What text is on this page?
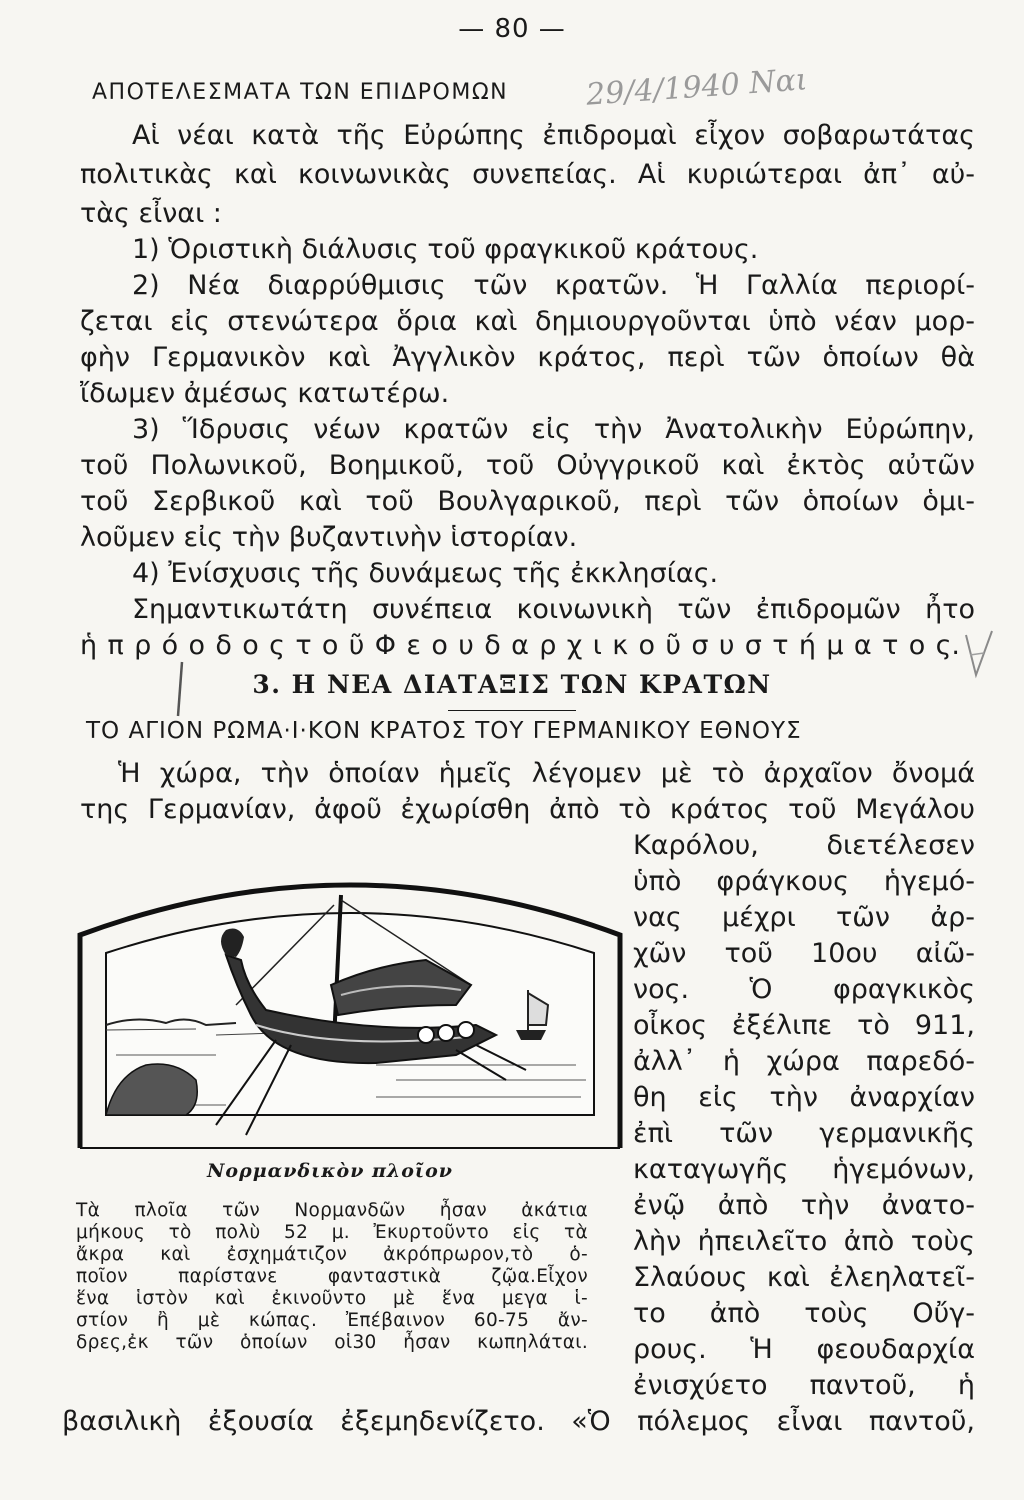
— 80 —
ΑΠΟΤΕΛΕΣΜΑΤΑ ΤΩΝ ΕΠΙΔΡΟΜΩΝ	29/4/1940 Ναι
Αἱ νέαι κατὰ τῆς Εὐρώπης ἐπιδρομαὶ εἶχον σοβαρωτάτας
πολιτικὰς καὶ κοινωνικὰς συνεπείας. Αἱ κυριώτεραι ἀπ᾽ αὐ-
τὰς εἶναι :
1) Ὁριστικὴ διάλυσις τοῦ φραγκικοῦ κράτους.
2) Νέα διαρρύθμισις τῶν κρατῶν. Ἡ Γαλλία περιορί-
ζεται εἰς στενώτερα ὅρια καὶ δημιουργοῦνται ὑπὸ νέαν μορ-
φὴν Γερμανικὸν καὶ Ἀγγλικὸν κράτος, περὶ τῶν ὁποίων θὰ
ἴδωμεν ἀμέσως κατωτέρω.
3) Ἵδρυσις νέων κρατῶν εἰς τὴν Ἀνατολικὴν Εὐρώπην,
τοῦ Πολωνικοῦ, Βοημικοῦ, τοῦ Οὐγγρικοῦ καὶ ἐκτὸς αὐτῶν
τοῦ Σερβικοῦ καὶ τοῦ Βουλγαρικοῦ, περὶ τῶν ὁποίων ὁμι-
λοῦμεν εἰς τὴν βυζαντινὴν ἱστορίαν.
4) Ἐνίσχυσις τῆς δυνάμεως τῆς ἐκκλησίας.
Σημαντικωτάτη συνέπεια κοινωνικὴ τῶν ἐπιδρομῶν ἦτο
ἡ π ρ ό ο δ ο ς τ ο ῦ Φ ε ο υ δ α ρ χ ι κ ο ῦ σ υ σ τ ή μ α τ ο ς.
3. Η ΝΕΑ ΔΙΑΤΑΞΙΣ ΤΩΝ ΚΡΑΤΩΝ
ΤΟ ΑΓΙΟΝ ΡΩΜΑ·Ι·ΚΟΝ ΚΡΑΤΟΣ ΤΟΥ ΓΕΡΜΑΝΙΚΟΥ ΕΘΝΟΥΣ
Ἡ χώρα, τὴν ὁποίαν ἡμεῖς λέγομεν μὲ τὸ ἀρχαῖον ὄνομά
της Γερμανίαν, ἀφοῦ ἐχωρίσθη ἀπὸ τὸ κράτος τοῦ Μεγάλου
Καρόλου, διετέλεσεν
ὑπὸ φράγκους ἡγεμό-
νας μέχρι τῶν ἀρ-
χῶν τοῦ 10ου αἰῶ-
νος. Ὁ φραγκικὸς
οἶκος ἐξέλιπε τὸ 911,
ἀλλ᾽ ἡ χώρα παρεδό-
θη εἰς τὴν ἀναρχίαν
ἐπὶ τῶν γερμανικῆς
καταγωγῆς ἡγεμόνων,
ἐνῷ ἀπὸ τὴν ἀνατο-
λὴν ἠπειλεῖτο ἀπὸ τοὺς
Σλαύους καὶ ἐλεηλατεῖ-
το ἀπὸ τοὺς Οὔγ-
ρους. Ἡ φεουδαρχία
ἐνισχύετο παντοῦ, ἡ
Νορμανδικὸν πλοῖον
Τὰ πλοῖα τῶν Νορμανδῶν ἦσαν ἀκάτια
μήκους τὸ πολὺ 52 μ. Ἐκυρτοῦντο εἰς τὰ
ἄκρα καὶ ἐσχημάτιζον ἀκρόπρωρον,τὸ ὁ-
ποῖον παρίστανε φανταστικὰ ζῷα.Εἶχον
ἕνα ἱστὸν καὶ ἐκινοῦντο μὲ ἕνα μεγα ἱ-
στίον ἢ μὲ κώπας. Ἐπέβαινον 60-75 ἄν-
δρες,ἐκ τῶν ὁποίων οἱ30 ἦσαν κωπηλάται.
βασιλικὴ ἐξουσία ἐξεμηδενίζετο. «Ὁ πόλεμος εἶναι παντοῦ,
